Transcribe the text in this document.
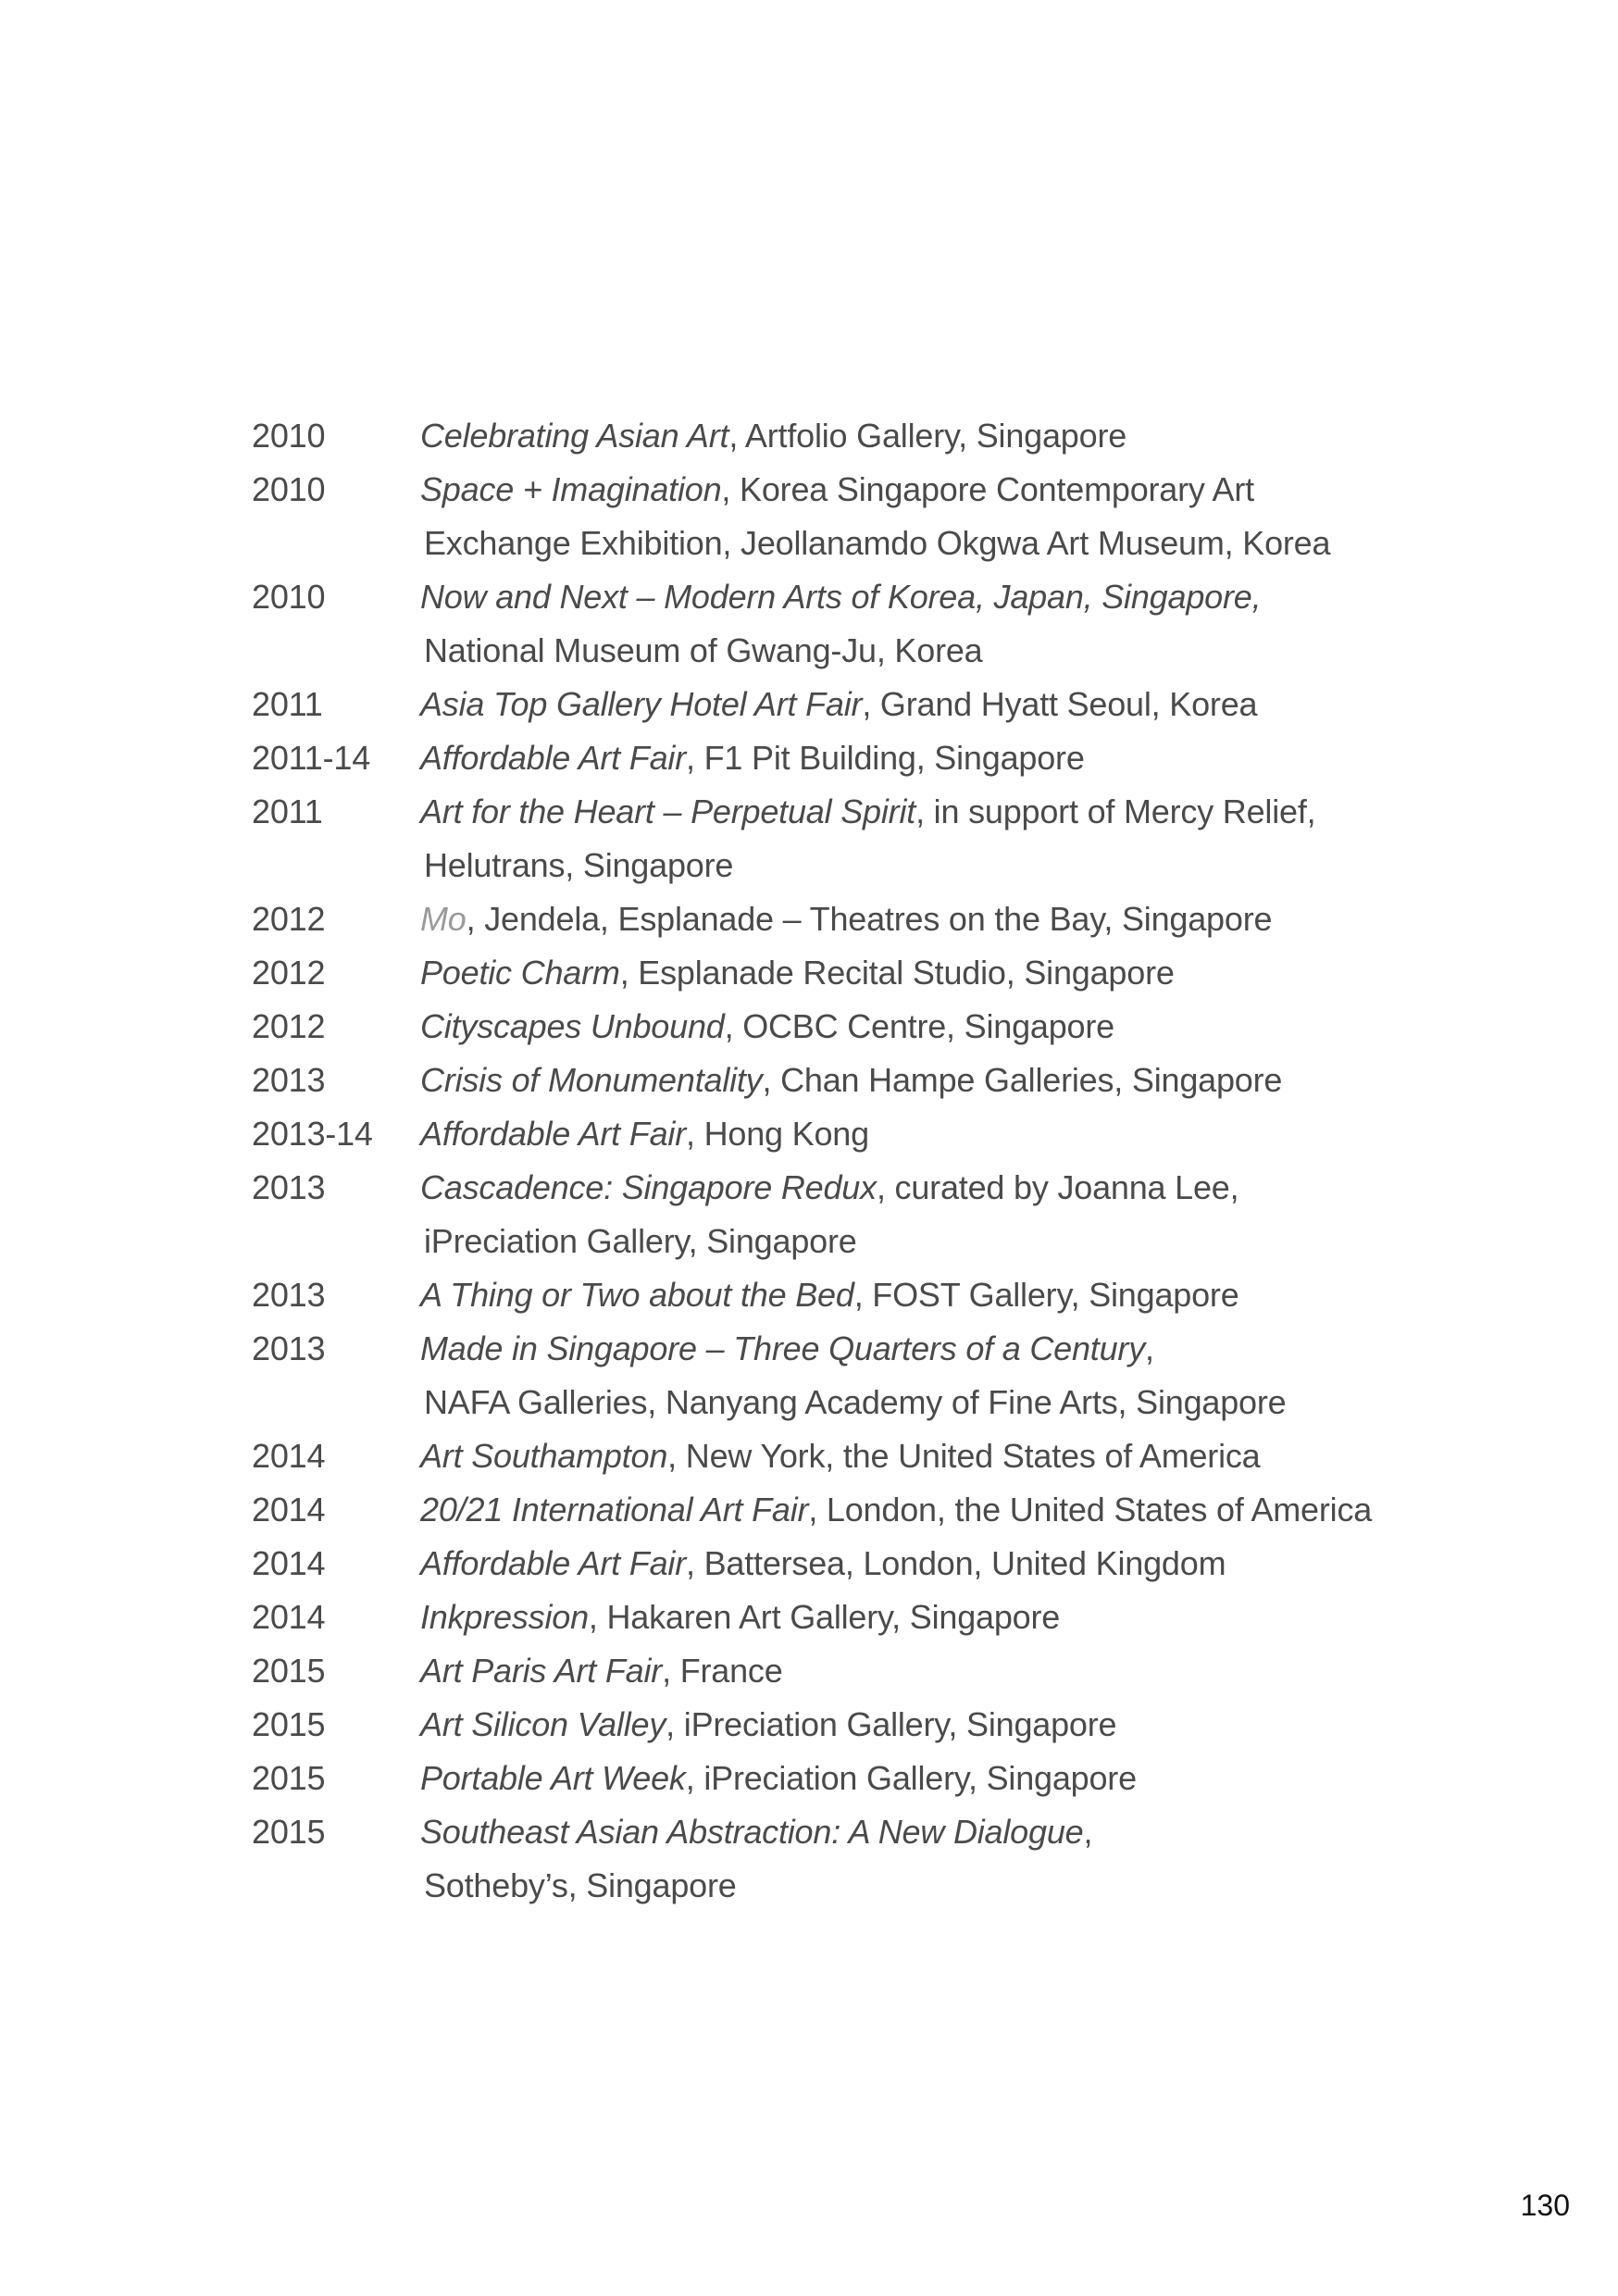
2010	Celebrating Asian Art, Artfolio Gallery, Singapore
2010	Space + Imagination, Korea Singapore Contemporary Art
Exchange Exhibition, Jeollanamdo Okgwa Art Museum, Korea
2010	Now and Next – Modern Arts of Korea, Japan, Singapore,
National Museum of Gwang-Ju, Korea
2011	Asia Top Gallery Hotel Art Fair, Grand Hyatt Seoul, Korea
2011-14	Affordable Art Fair, F1 Pit Building, Singapore
2011	Art for the Heart – Perpetual Spirit, in support of Mercy Relief,
Helutrans, Singapore
2012	Mo, Jendela, Esplanade – Theatres on the Bay, Singapore
2012	Poetic Charm, Esplanade Recital Studio, Singapore
2012	Cityscapes Unbound, OCBC Centre, Singapore
2013	Crisis of Monumentality, Chan Hampe Galleries, Singapore
2013-14	Affordable Art Fair, Hong Kong
2013	Cascadence: Singapore Redux, curated by Joanna Lee,
iPreciation Gallery, Singapore
2013	A Thing or Two about the Bed, FOST Gallery, Singapore
2013	Made in Singapore – Three Quarters of a Century,
NAFA Galleries, Nanyang Academy of Fine Arts, Singapore
2014	Art Southampton, New York, the United States of America
2014	20/21 International Art Fair, London, the United States of America
2014	Affordable Art Fair, Battersea, London, United Kingdom
2014	Inkpression, Hakaren Art Gallery, Singapore
2015	Art Paris Art Fair, France
2015	Art Silicon Valley, iPreciation Gallery, Singapore
2015	Portable Art Week, iPreciation Gallery, Singapore
2015	Southeast Asian Abstraction: A New Dialogue,
Sotheby’s, Singapore
130
